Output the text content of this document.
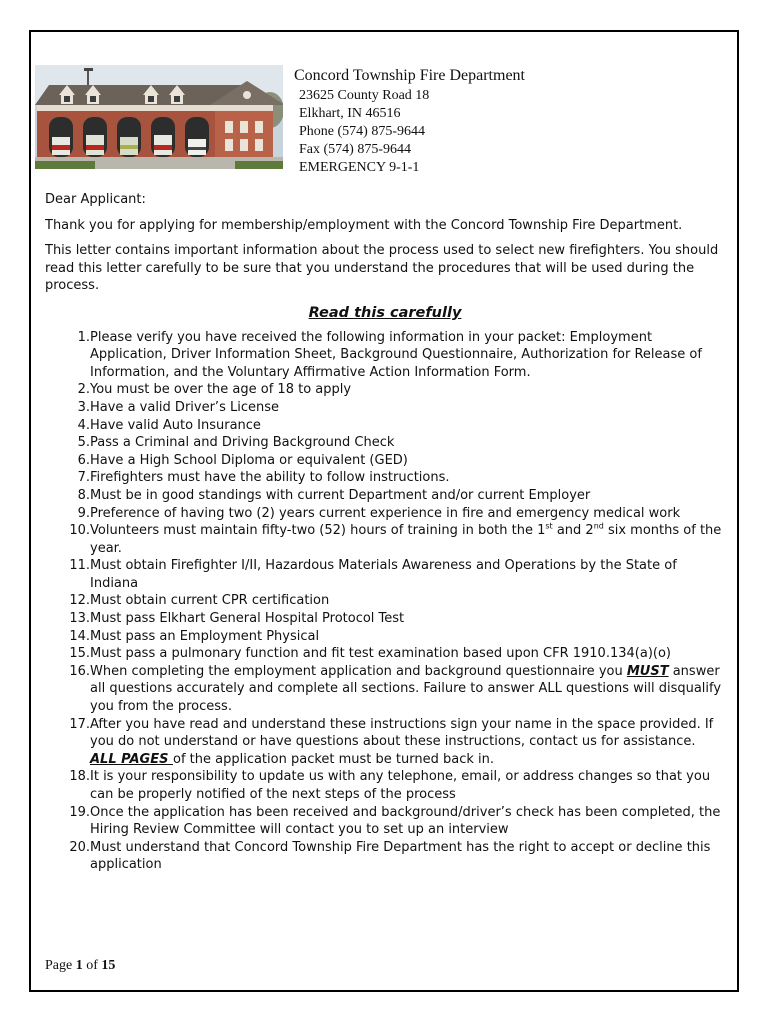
Concord Township Fire Department
23625 County Road 18
Elkhart, IN 46516
Phone (574) 875-9644
Fax (574) 875-9644
EMERGENCY 9-1-1

Dear Applicant:

Thank you for applying for membership/employment with the Concord Township Fire Department.

This letter contains important information about the process used to select new firefighters. You should read this letter carefully to be sure that you understand the procedures that will be used during the process.

Read this carefully
1. Please verify you have received the following information in your packet: Employment Application, Driver Information Sheet, Background Questionnaire, Authorization for Release of Information, and the Voluntary Affirmative Action Information Form.
2. You must be over the age of 18 to apply
3. Have a valid Driver’s License
4. Have valid Auto Insurance
5. Pass a Criminal and Driving Background Check
6. Have a High School Diploma or equivalent (GED)
7. Firefighters must have the ability to follow instructions.
8. Must be in good standings with current Department and/or current Employer
9. Preference of having two (2) years current experience in fire and emergency medical work
10. Volunteers must maintain fifty-two (52) hours of training in both the 1st and 2nd six months of the year.
11. Must obtain Firefighter I/II, Hazardous Materials Awareness and Operations by the State of Indiana
12. Must obtain current CPR certification
13. Must pass Elkhart General Hospital Protocol Test
14. Must pass an Employment Physical
15. Must pass a pulmonary function and fit test examination based upon CFR 1910.134(a)(o)
16. When completing the employment application and background questionnaire you MUST answer all questions accurately and complete all sections. Failure to answer ALL questions will disqualify you from the process.
17. After you have read and understand these instructions sign your name in the space provided. If you do not understand or have questions about these instructions, contact us for assistance. ALL PAGES of the application packet must be turned back in.
18. It is your responsibility to update us with any telephone, email, or address changes so that you can be properly notified of the next steps of the process
19. Once the application has been received and background/driver’s check has been completed, the Hiring Review Committee will contact you to set up an interview
20. Must understand that Concord Township Fire Department has the right to accept or decline this application
Page 1 of 15
